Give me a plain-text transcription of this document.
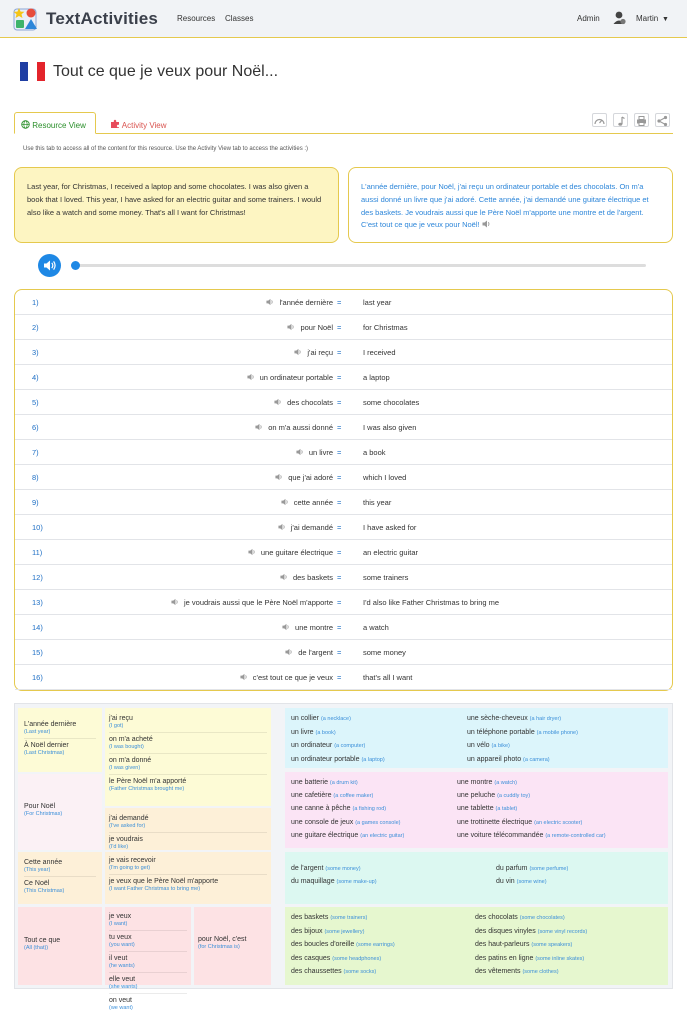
TextActivities Resources Classes	Admin	Martin ▼
Tout ce que je veux pour Noël...
Resource View	Activity View
Use this tab to access all of the content for this resource. Use the Activity View tab to access the activities :)
Last year, for Christmas, I received a laptop and some chocolates. I was also given a book that I loved. This year, I have asked for an electric guitar and some trainers. I would also like a watch and some money. That's all I want for Christmas!
L'année dernière, pour Noël, j'ai reçu un ordinateur portable et des chocolats. On m'a aussi donné un livre que j'ai adoré. Cette année, j'ai demandé une guitare électrique et des baskets. Je voudrais aussi que le Père Noël m'apporte une montre et de l'argent. C'est tout ce que je veux pour Noël!
1)	l'année dernière =	last year
2)	pour Noël =	for Christmas
3)	j'ai reçu =	I received
4)	un ordinateur portable =	a laptop
5)	des chocolats =	some chocolates
6)	on m'a aussi donné =	I was also given
7)	un livre =	a book
8)	que j'ai adoré =	which I loved
9)	cette année =	this year
10)	j'ai demandé =	I have asked for
11)	une guitare électrique =	an electric guitar
12)	des baskets =	some trainers
13)	je voudrais aussi que le Père Noël m'apporte =	I'd also like Father Christmas to bring me
14)	une montre =	a watch
15)	de l'argent =	some money
16)	c'est tout ce que je veux =	that's all I want
L'année dernière
(Last year)
À Noël dernier
(Last Christmas)
j'ai reçu
(I got)
on m'a acheté
(I was bought)
on m'a donné
(I was given)
le Père Noël m'a apporté
(Father Christmas brought me)
Pour Noël
(For Christmas)
j'ai demandé
(I've asked for)
je voudrais
(I'd like)
Cette année
(This year)
Ce Noël
(This Christmas)
je vais recevoir
(I'm going to get)
je veux que le Père Noël m'apporte
(I want Father Christmas to bring me)
Tout ce que
(All (that))
je veux
(I want)
tu veux
(you want)
il veut
(he wants)
elle veut
(she wants)
on veut
(we want)
pour Noël, c'est
(for Christmas is)
un collier (a necklace)	une sèche-cheveux (a hair dryer)
un livre (a book)	un téléphone portable (a mobile phone)
un ordinateur (a computer)	un vélo (a bike)
un ordinateur portable (a laptop)	un appareil photo (a camera)
une batterie (a drum kit)	une montre (a watch)
une cafetière (a coffee maker)	une peluche (a cuddly toy)
une canne à pêche (a fishing rod)	une tablette (a tablet)
une console de jeux (a games console)	une trottinette électrique (an electric scooter)
une guitare électrique (an electric guitar)	une voiture télécommandée (a remote-controlled car)
de l'argent (some money)	du parfum (some perfume)
du maquillage (some make-up)	du vin (some wine)
des baskets (some trainers)	des chocolats (some chocolates)
des bijoux (some jewellery)	des disques vinyles (some vinyl records)
des boucles d'oreille (some earrings)	des haut-parleurs (some speakers)
des casques (some headphones)	des patins en ligne (some inline skates)
des chaussettes (some socks)	des vêtements (some clothes)
